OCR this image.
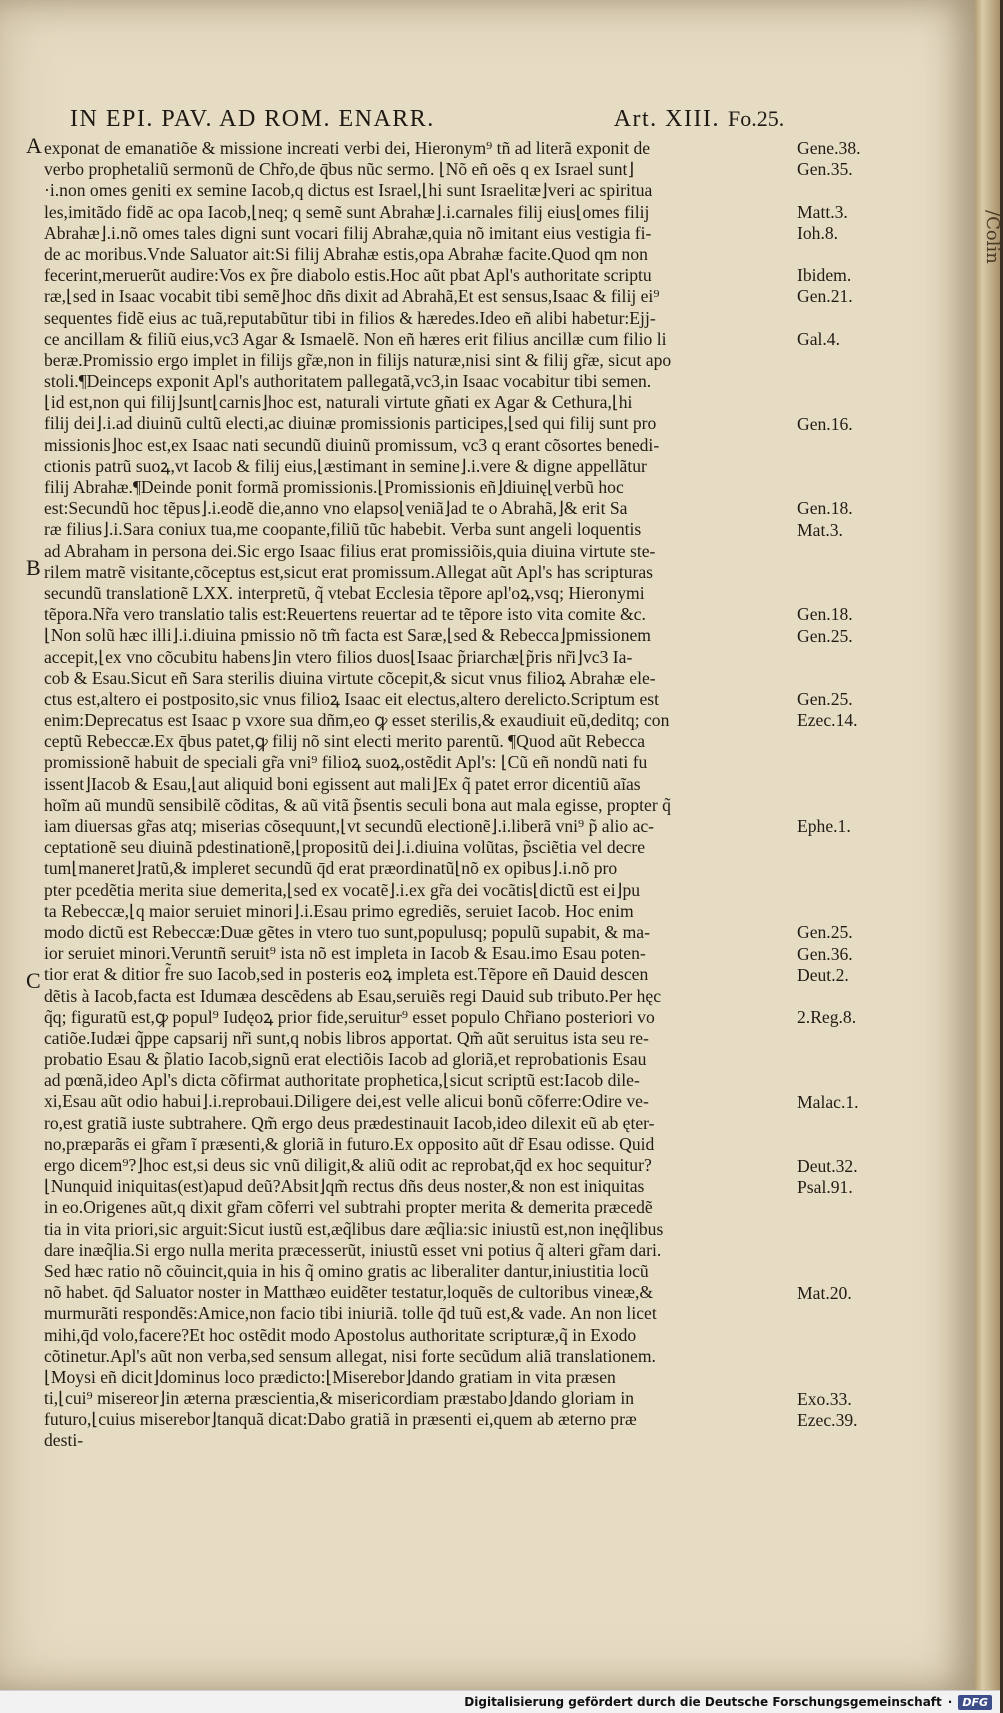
IN EPI. PAV. AD ROM. ENARR.	Art. XIII. Fo.25.
A
B
C
exponat de emanatiõe & missione increati verbi dei, Hieronym⁹ tñ ad literã exponit de
verbo prophetaliũ sermonũ de Chr̃o,de q̄bus nũc sermo. ⌊Nõ eñ oẽs q ex Israel sunt⌋
·i.non omes geniti ex semine Iacob,q dictus est Israel,⌊hi sunt Israelitæ⌋veri ac spiritua
les,imitãdo fidẽ ac opa Iacob,⌊neq; q semẽ sunt Abrahæ⌋.i.carnales filij eius⌊omes filij
Abrahæ⌋.i.nõ omes tales digni sunt vocari filij Abrahæ,quia nõ imitant eius vestigia fi-
de ac moribus.Vnde Saluator ait:Si filij Abrahæ estis,opa Abrahæ facite.Quod qm non
fecerint,meruerũt audire:Vos ex p̃re diabolo estis.Hoc aũt pbat Apl's authoritate scriptu
ræ,⌊sed in Isaac vocabit tibi semẽ⌋hoc dñs dixit ad Abrahã,Et est sensus,Isaac & filij ei⁹
sequentes fidẽ eius ac tuã,reputabũtur tibi in filios & hæredes.Ideo eñ alibi habetur:Ejj-
ce ancillam & filiũ eius,vc3 Agar & Ismaelẽ. Non eñ hæres erit filius ancillæ cum filio li
beræ.Promissio ergo implet in filijs gr̃æ,non in filijs naturæ,nisi sint & filij gr̃æ, sicut apo
stoli.¶Deinceps exponit Apl's authoritatem pallegatã,vc3,in Isaac vocabitur tibi semen.
⌊id est,non qui filij⌋sunt⌊carnis⌋hoc est, naturali virtute gñati ex Agar & Cethura,⌊hi
filij dei⌋.i.ad diuinũ cultũ electi,ac diuinæ promissionis participes,⌊sed qui filij sunt pro
missionis⌋hoc est,ex Isaac nati secundũ diuinũ promissum, vc3 q erant cõsortes benedi-
ctionis patrũ suoꝝ,vt Iacob & filij eius,⌊æstimant in semine⌋.i.vere & digne appellãtur
filij Abrahæ.¶Deinde ponit formã promissionis.⌊Promissionis eñ⌋diuinę⌊verbũ hoc
est:Secundũ hoc tẽpus⌋.i.eodẽ die,anno vno elapso⌊veniã⌋ad te o Abrahã,⌋& erit Sa
ræ filius⌋.i.Sara coniux tua,me coopante,filiũ tũc habebit. Verba sunt angeli loquentis
ad Abraham in persona dei.Sic ergo Isaac filius erat promissiõis,quia diuina virtute ste-
rilem matrẽ visitante,cõceptus est,sicut erat promissum.Allegat aũt Apl's has scripturas
secundũ translationẽ LXX. interpretũ, q̃ vtebat Ecclesia tẽpore apl'oꝝ,vsq; Hieronymi
tẽpora.Nr̃a vero translatio talis est:Reuertens reuertar ad te tẽpore isto vita comite &c.
⌊Non solũ hæc illi⌋.i.diuina pmissio nõ tm̃ facta est Saræ,⌊sed & Rebecca⌋pmissionem
accepit,⌊ex vno cõcubitu habens⌋in vtero filios duos⌊Isaac p̃riarchæ⌊p̃ris nr̃i⌋vc3 Ia-
cob & Esau.Sicut eñ Sara sterilis diuina virtute cõcepit,& sicut vnus filioꝝ Abrahæ ele-
ctus est,altero ei postposito,sic vnus filioꝝ Isaac eit electus,altero derelicto.Scriptum est
enim:Deprecatus est Isaac p vxore sua dñm,eo ꝙ esset sterilis,& exaudiuit eũ,deditq; con
ceptũ Rebeccæ.Ex q̄bus patet,ꝙ filij nõ sint electi merito parentũ. ¶Quod aũt Rebecca
promissionẽ habuit de speciali gr̃a vni⁹ filioꝝ suoꝝ,ostẽdit Apl's: ⌊Cũ eñ nondũ nati fu
issent⌋Iacob & Esau,⌊aut aliquid boni egissent aut mali⌋Ex q̃ patet error dicentiũ aĩas
hoĩm aũ mundũ sensibilẽ cõditas, & aũ vitã p̃sentis seculi bona aut mala egisse, propter q̃
iam diuersas gr̃as atq; miserias cõsequunt,⌊vt secundũ electionẽ⌋.i.liberã vni⁹ p̃ alio ac-
ceptationẽ seu diuinã pdestinationẽ,⌊propositũ dei⌋.i.diuina volũtas, p̃sciẽtia vel decre
tum⌊maneret⌋ratũ,& impleret secundũ q̄d erat præordinatũ⌊nõ ex opibus⌋.i.nõ pro
pter pcedẽtia merita siue demerita,⌊sed ex vocatẽ⌋.i.ex gr̃a dei vocãtis⌊dictũ est ei⌋pu
ta Rebeccæ,⌊q maior seruiet minori⌋.i.Esau primo egrediẽs, seruiet Iacob. Hoc enim
modo dictũ est Rebeccæ:Duæ gẽtes in vtero tuo sunt,populusq; populũ supabit, & ma-
ior seruiet minori.Veruntñ seruit⁹ ista nõ est impleta in Iacob & Esau.imo Esau poten-
tior erat & ditior f̃re suo Iacob,sed in posteris eoꝝ impleta est.Tẽpore eñ Dauid descen
dẽtis à Iacob,facta est Idumæa descẽdens ab Esau,seruiẽs regi Dauid sub tributo.Per hęc
q̃q; figuratũ est,ꝙ popul⁹ Iudęoꝝ prior fide,seruitur⁹ esset populo Chr̃iano posteriori vo
catiõe.Iudæi q̃ppe capsarij nr̃i sunt,q nobis libros apportat. Qm̃ aũt seruitus ista seu re-
probatio Esau & p̃latio Iacob,signũ erat electiõis Iacob ad gloriã,et reprobationis Esau
ad pœnã,ideo Apl's dicta cõfirmat authoritate prophetica,⌊sicut scriptũ est:Iacob dile-
xi,Esau aũt odio habui⌋.i.reprobaui.Diligere dei,est velle alicui bonũ cõferre:Odire ve-
ro,est gratiã iuste subtrahere. Qm̃ ergo deus prædestinauit Iacob,ideo dilexit eũ ab ęter-
no,præparãs ei gr̃am ĩ præsenti,& gloriã in futuro.Ex opposito aũt dr̃ Esau odisse. Quid
ergo dicem⁹?⌋hoc est,si deus sic vnũ diligit,& aliũ odit ac reprobat,q̄d ex hoc sequitur?
⌊Nunquid iniquitas(est)apud deũ?Absit⌋qm̃ rectus dñs deus noster,& non est iniquitas
in eo.Origenes aũt,q dixit gr̃am cõferri vel subtrahi propter merita & demerita præcedẽ
tia in vita priori,sic arguit:Sicut iustũ est,æq̃libus dare æq̃lia:sic iniustũ est,non inęq̃libus
dare inæq̃lia.Si ergo nulla merita præcesserũt, iniustũ esset vni potius q̃ alteri gr̃am dari.
Sed hæc ratio nõ cõuincit,quia in his q̃ omino gratis ac liberaliter dantur,iniustitia locũ
nõ habet. q̄d Saluator noster in Matthæo euidẽter testatur,loquẽs de cultoribus vineæ,&
murmurãti respondẽs:Amice,non facio tibi iniuriã. tolle q̄d tuũ est,& vade. An non licet
mihi,q̄d volo,facere?Et hoc ostẽdit modo Apostolus authoritate scripturæ,q̃ in Exodo
cõtinetur.Apl's aũt non verba,sed sensum allegat, nisi forte secũdum aliã translationem.
⌊Moysi eñ dicit⌋dominus loco prædicto:⌊Miserebor⌋dando gratiam in vita præsen
ti,⌊cui⁹ misereor⌋in æterna præscientia,& misericordiam præstabo⌋dando gloriam in
futuro,⌊cuius miserebor⌋tanquã dicat:Dabo gratiã in præsenti ei,quem ab æterno præ
desti-
Gene.38.
Gen.35.
Matt.3.
Ioh.8.
Ibidem.
Gen.21.
Gal.4.
Gen.16.
Gen.18.
Mat.3.
Gen.18.
Gen.25.
Gen.25.
Ezec.14.
Ephe.1.
Gen.25.
Gen.36.
Deut.2.
2.Reg.8.
Malac.1.
Deut.32.
Psal.91.
Mat.20.
Exo.33.
Ezec.39.
/Colin
Digitalisierung gefördert durch die Deutsche Forschungsgemeinschaft · DFG
